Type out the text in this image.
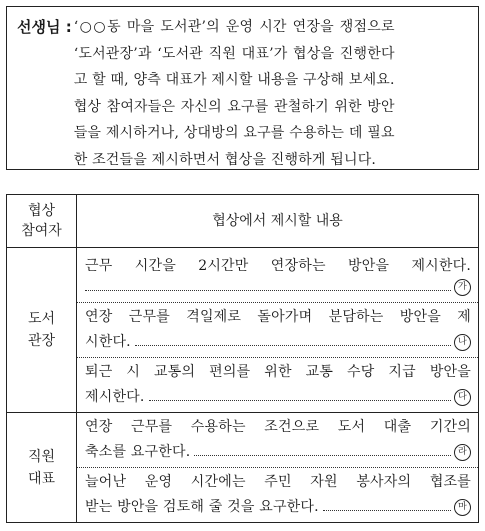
선생님 : ‘○○동 마을 도서관’의 운영 시간 연장을 쟁점으로
‘도서관장’과 ‘도서관 직원 대표’가 협상을 진행한다
고 할 때, 양측 대표가 제시할 내용을 구상해 보세요.
협상 참여자들은 자신의 요구를 관철하기 위한 방안
들을 제시하거나, 상대방의 요구를 수용하는 데 필요
한 조건들을 제시하면서 협상을 진행하게 됩니다.
협상
참여자	협상에서 제시할 내용
도서
관장	근무 시간을 2시간만 연장하는 방안을 제시한다.
가

	연장 근무를 격일제로 돌아가며 분담하는 방안을 제
시한다. 나

	퇴근 시 교통의 편의를 위한 교통 수당 지급 방안을
제시한다. 다

직원
대표	연장 근무를 수용하는 조건으로 도서 대출 기간의
축소를 요구한다. 라

	늘어난 운영 시간에는 주민 자원 봉사자의 협조를
받는 방안을 검토해 줄 것을 요구한다. 마
